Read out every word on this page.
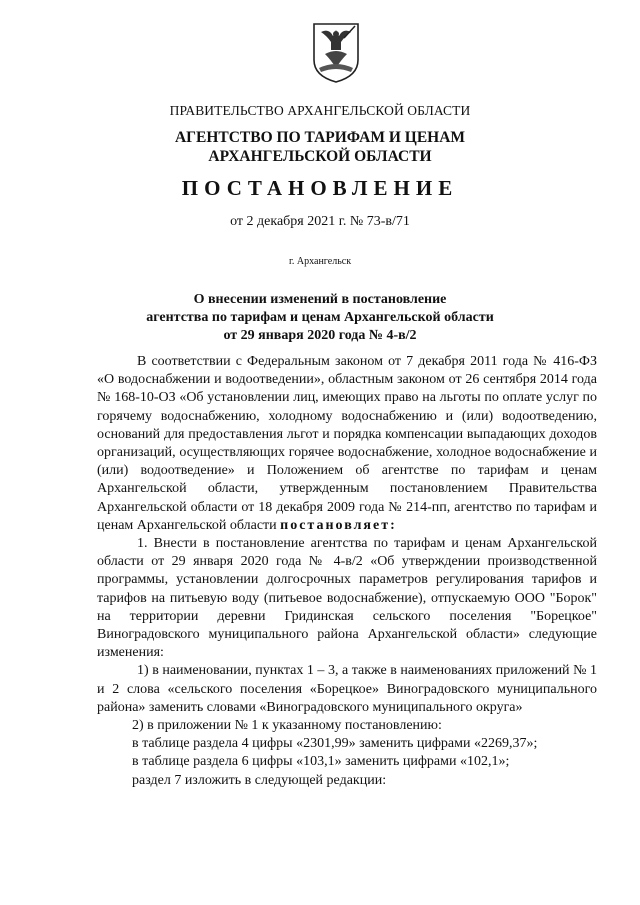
ПРАВИТЕЛЬСТВО АРХАНГЕЛЬСКОЙ ОБЛАСТИ
АГЕНТСТВО ПО ТАРИФАМ И ЦЕНАМ
АРХАНГЕЛЬСКОЙ ОБЛАСТИ
ПОСТАНОВЛЕНИЕ
от 2 декабря 2021 г. № 73-в/71
г. Архангельск
О внесении изменений в постановление
агентства по тарифам и ценам Архангельской области
от 29 января 2020 года № 4-в/2

В соответствии с Федеральным законом от 7 декабря 2011 года № 416-ФЗ «О водоснабжении и водоотведении», областным законом от 26 сентября 2014 года № 168-10-ОЗ «Об установлении лиц, имеющих право на льготы по оплате услуг по горячему водоснабжению, холодному водоснабжению и (или) водоотведению, оснований для предоставления льгот и порядка компенсации выпадающих доходов организаций, осуществляющих горячее водоснабжение, холодное водоснабжение и (или) водоотведение» и Положением об агентстве по тарифам и ценам Архангельской области, утвержденным постановлением Правительства Архангельской области от 18 декабря 2009 года № 214-пп, агентство по тарифам и ценам Архангельской области постановляет:

1. Внести в постановление агентства по тарифам и ценам Архангельской области от 29 января 2020 года № 4-в/2 «Об утверждении производственной программы, установлении долгосрочных параметров регулирования тарифов и тарифов на питьевую воду (питьевое водоснабжение), отпускаемую ООО "Борок" на территории деревни Гридинская сельского поселения "Борецкое" Виноградовского муниципального района Архангельской области» следующие изменения:

1) в наименовании, пунктах 1 – 3, а также в наименованиях приложений № 1 и 2 слова «сельского поселения «Борецкое» Виноградовского муниципального района» заменить словами «Виноградовского муниципального округа»

2) в приложении № 1 к указанному постановлению:

в таблице раздела 4 цифры «2301,99» заменить цифрами «2269,37»;

в таблице раздела 6 цифры «103,1» заменить цифрами «102,1»;

раздел 7 изложить в следующей редакции:
